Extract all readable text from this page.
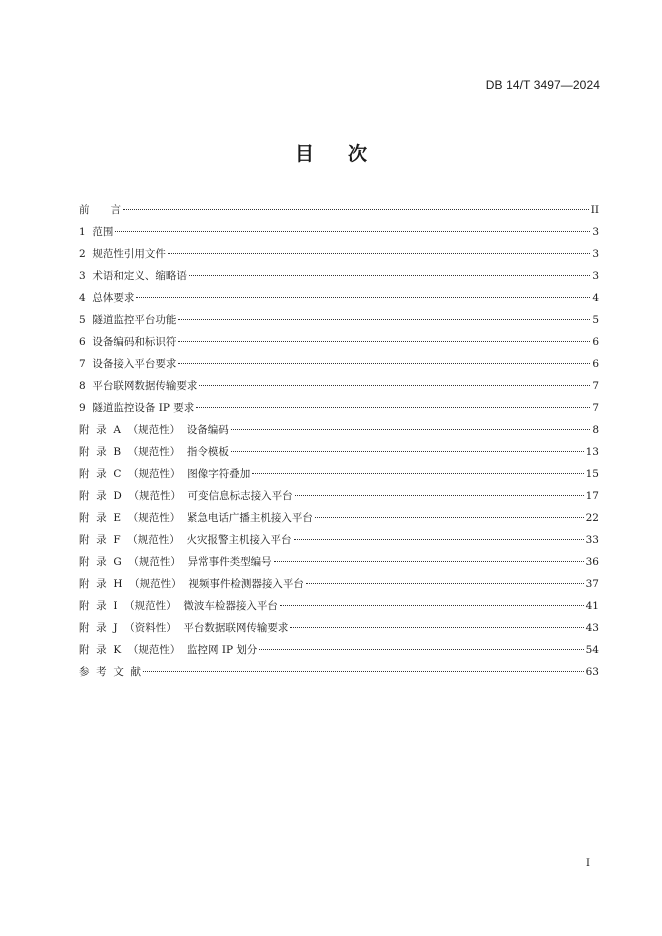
DB 14/T 3497—2024
目 次
前　　言	II
1  范围	3
2  规范性引用文件	3
3  术语和定义、缩略语	3
4  总体要求	4
5  隧道监控平台功能	5
6  设备编码和标识符	6
7  设备接入平台要求	6
8  平台联网数据传输要求	7
9  隧道监控设备 IP 要求	7
附  录  A  （规范性）  设备编码	8
附  录  B  （规范性）  指令模板	13
附  录  C  （规范性）  图像字符叠加	15
附  录  D  （规范性）  可变信息标志接入平台	17
附  录  E  （规范性）  紧急电话广播主机接入平台	22
附  录  F  （规范性）  火灾报警主机接入平台	33
附  录  G  （规范性）  异常事件类型编号	36
附  录  H  （规范性）  视频事件检测器接入平台	37
附  录  I  （规范性）  微波车检器接入平台	41
附  录  J  （资料性）  平台数据联网传输要求	43
附  录  K  （规范性）  监控网 IP 划分	54
参  考  文  献	63
I
